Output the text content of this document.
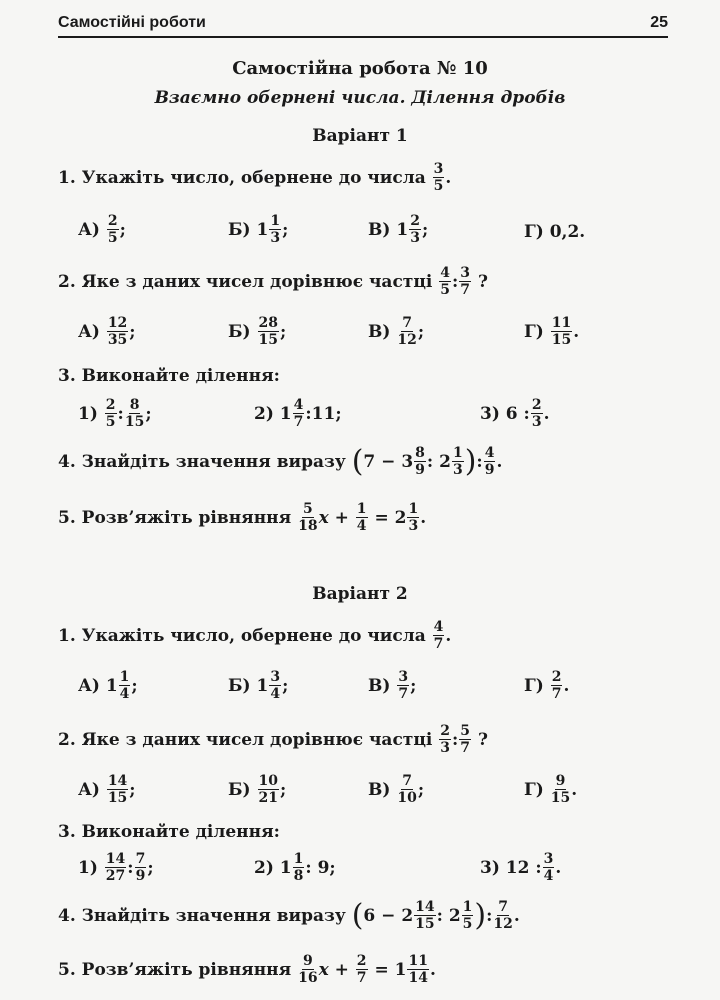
Самостійні роботи	25
Самостійна робота № 10
Взаємно обернені числа. Ділення дробів
Варіант 1
1. Укажіть число, обернене до числа
$\frac{3}{5}$ .
А)
$\frac{2}{5}$ ;	Б)
$1 \frac{1}{3}$ ;	В)
$1 \frac{2}{3}$ ;	Г)
0,2.
2. Яке з даних чисел дорівнює частці
$\frac{4}{5}$ : $\frac{3}{7}$
?
А)
$\frac{12}{35}$ ;	Б)
$\frac{28}{15}$ ;	В)
$\frac{7}{12}$ ;	Г)
$\frac{11}{15}$ .
3. Виконайте ділення:
1)
$\frac{2}{5}$ : $\frac{8}{15}$ ;	2)
$1 \frac{4}{7}$ :11;	3)
6 : $\frac{2}{3}$ .
4. Знайдіть значення виразу
( $7 - 3 \frac{8}{9}$ : $2 \frac{1}{3}$ ) : $\frac{4}{9}$ .
5. Розв’яжіть рівняння
$\frac{5}{18}$ x +
$\frac{1}{4}$
= $2 \frac{1}{3}$ .
Варіант 2
1. Укажіть число, обернене до числа
$\frac{4}{7}$ .
А)
$1 \frac{1}{4}$ ;	Б)
$1 \frac{3}{4}$ ;	В)
$\frac{3}{7}$ ;	Г)
$\frac{2}{7}$ .
2. Яке з даних чисел дорівнює частці
$\frac{2}{3}$ : $\frac{5}{7}$
?
А)
$\frac{14}{15}$ ;	Б)
$\frac{10}{21}$ ;	В)
$\frac{7}{10}$ ;	Г)
$\frac{9}{15}$ .
3. Виконайте ділення:
1)
$\frac{14}{27}$ : $\frac{7}{9}$ ;	2)
$1 \frac{1}{8}$ : 9;	3)
12 : $\frac{3}{4}$ .
4. Знайдіть значення виразу
( $6 - 2 \frac{14}{15}$ : $2 \frac{1}{5}$ ) : $\frac{7}{12}$ .
5. Розв’яжіть рівняння
$\frac{9}{16}$ x +
$\frac{2}{7}$
= $1 \frac{11}{14}$ .
